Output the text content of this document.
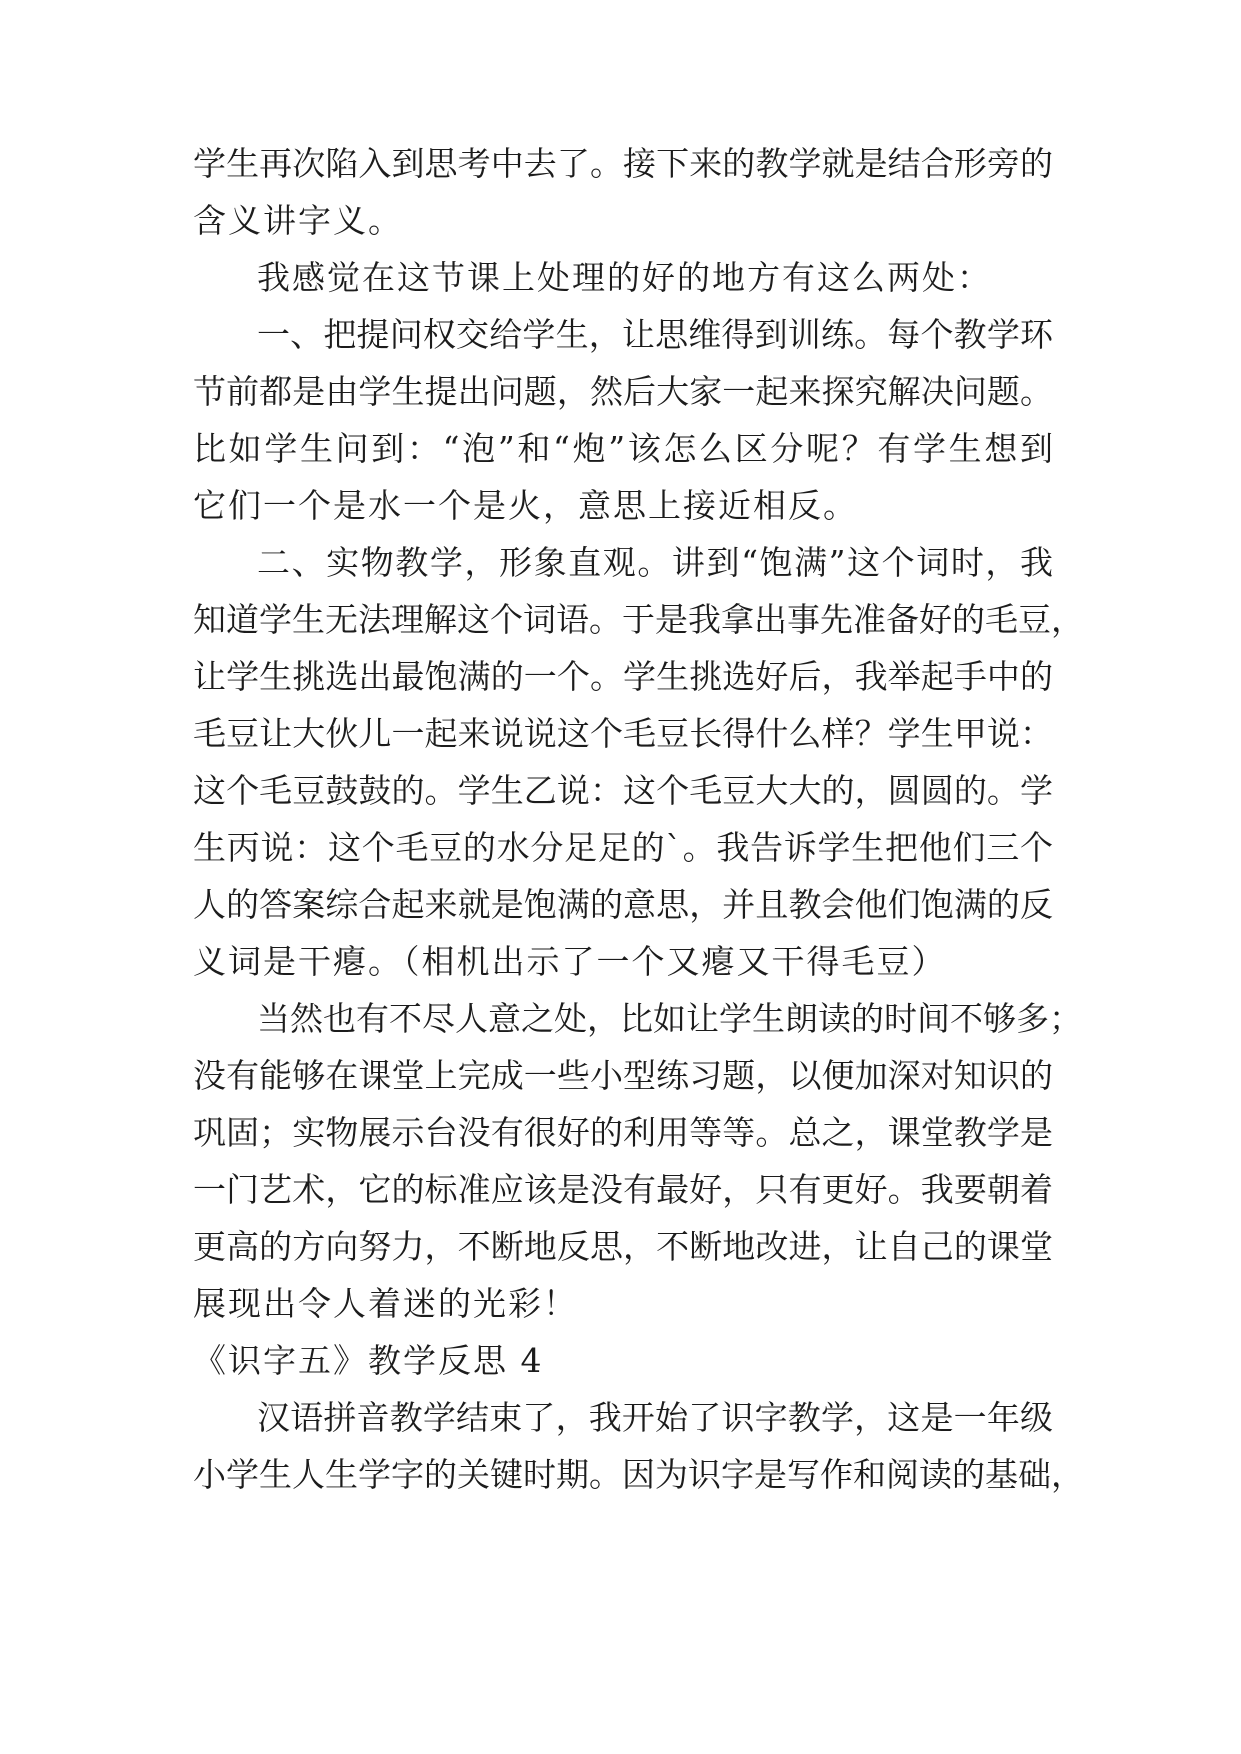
学生再次陷入到思考中去了。接下来的教学就是结合形旁的
含义讲字义。
我感觉在这节课上处理的好的地方有这么两处：
一、把提问权交给学生，让思维得到训练。每个教学环
节前都是由学生提出问题，然后大家一起来探究解决问题。
比如学生问到：“泡”和“炮”该怎么区分呢？有学生想到
它们一个是水一个是火，意思上接近相反。
二、实物教学，形象直观。讲到“饱满”这个词时，我
知道学生无法理解这个词语。于是我拿出事先准备好的毛豆，
让学生挑选出最饱满的一个。学生挑选好后，我举起手中的
毛豆让大伙儿一起来说说这个毛豆长得什么样？学生甲说：
这个毛豆鼓鼓的。学生乙说：这个毛豆大大的，圆圆的。学
生丙说：这个毛豆的水分足足的`。我告诉学生把他们三个
人的答案综合起来就是饱满的意思，并且教会他们饱满的反
义词是干瘪。（相机出示了一个又瘪又干得毛豆）
当然也有不尽人意之处，比如让学生朗读的时间不够多；
没有能够在课堂上完成一些小型练习题，以便加深对知识的
巩固；实物展示台没有很好的利用等等。总之，课堂教学是
一门艺术，它的标准应该是没有最好，只有更好。我要朝着
更高的方向努力，不断地反思，不断地改进，让自己的课堂
展现出令人着迷的光彩！
《识字五》教学反思 4
汉语拼音教学结束了，我开始了识字教学，这是一年级
小学生人生学字的关键时期。因为识字是写作和阅读的基础，
